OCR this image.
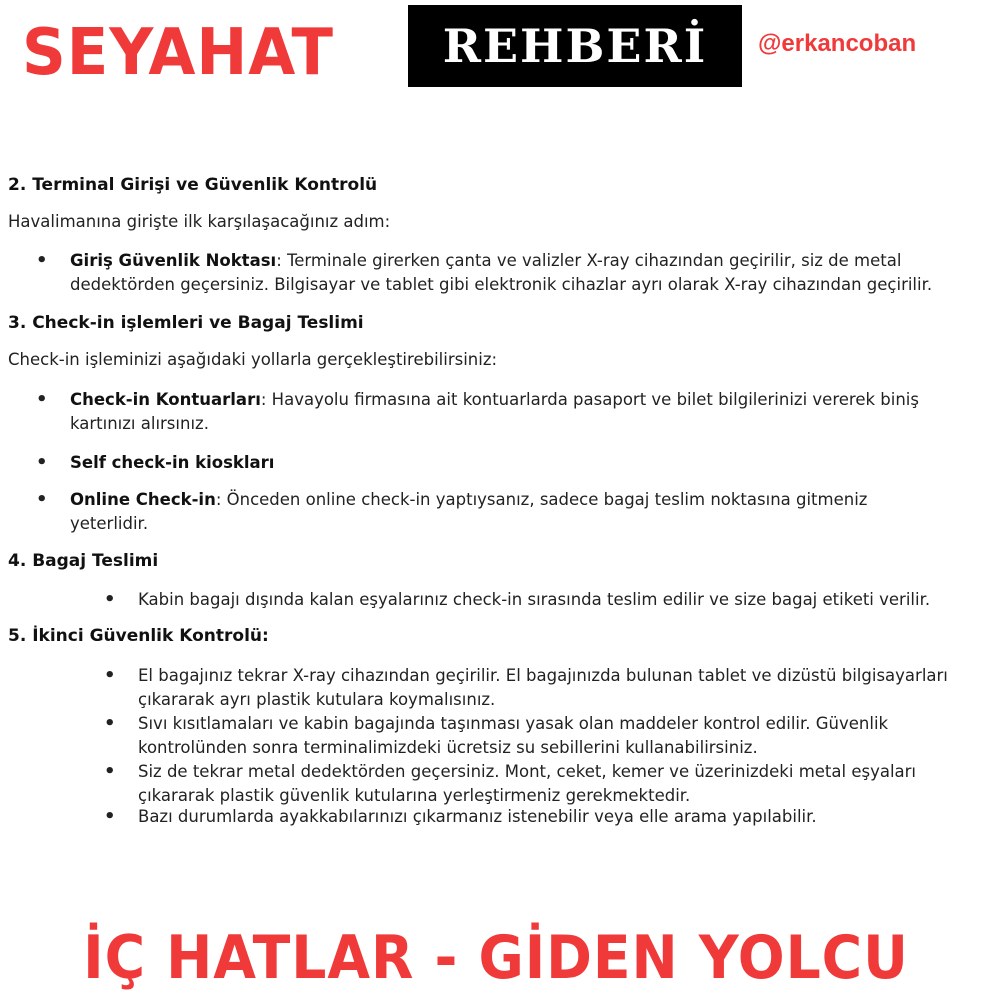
SEYAHAT	REHBERİ	@erkancoban
2. Terminal Girişi ve Güvenlik Kontrolü
Havalimanına girişte ilk karşılaşacağınız adım:
• Giriş Güvenlik Noktası: Terminale girerken çanta ve valizler X-ray cihazından geçirilir, siz de metal
dedektörden geçersiniz. Bilgisayar ve tablet gibi elektronik cihazlar ayrı olarak X-ray cihazından geçirilir.
3. Check-in işlemleri ve Bagaj Teslimi
Check-in işleminizi aşağıdaki yollarla gerçekleştirebilirsiniz:
• Check-in Kontuarları: Havayolu firmasına ait kontuarlarda pasaport ve bilet bilgilerinizi vererek biniş
kartınızı alırsınız.
• Self check-in kioskları
• Online Check-in: Önceden online check-in yaptıysanız, sadece bagaj teslim noktasına gitmeniz
yeterlidir.
4. Bagaj Teslimi
• Kabin bagajı dışında kalan eşyalarınız check-in sırasında teslim edilir ve size bagaj etiketi verilir.
5. İkinci Güvenlik Kontrolü:
• El bagajınız tekrar X-ray cihazından geçirilir. El bagajınızda bulunan tablet ve dizüstü bilgisayarları
çıkararak ayrı plastik kutulara koymalısınız.
• Sıvı kısıtlamaları ve kabin bagajında taşınması yasak olan maddeler kontrol edilir. Güvenlik
kontrolünden sonra terminalimizdeki ücretsiz su sebillerini kullanabilirsiniz.
• Siz de tekrar metal dedektörden geçersiniz. Mont, ceket, kemer ve üzerinizdeki metal eşyaları
çıkararak plastik güvenlik kutularına yerleştirmeniz gerekmektedir.
• Bazı durumlarda ayakkabılarınızı çıkarmanız istenebilir veya elle arama yapılabilir.
İÇ HATLAR - GİDEN YOLCU
